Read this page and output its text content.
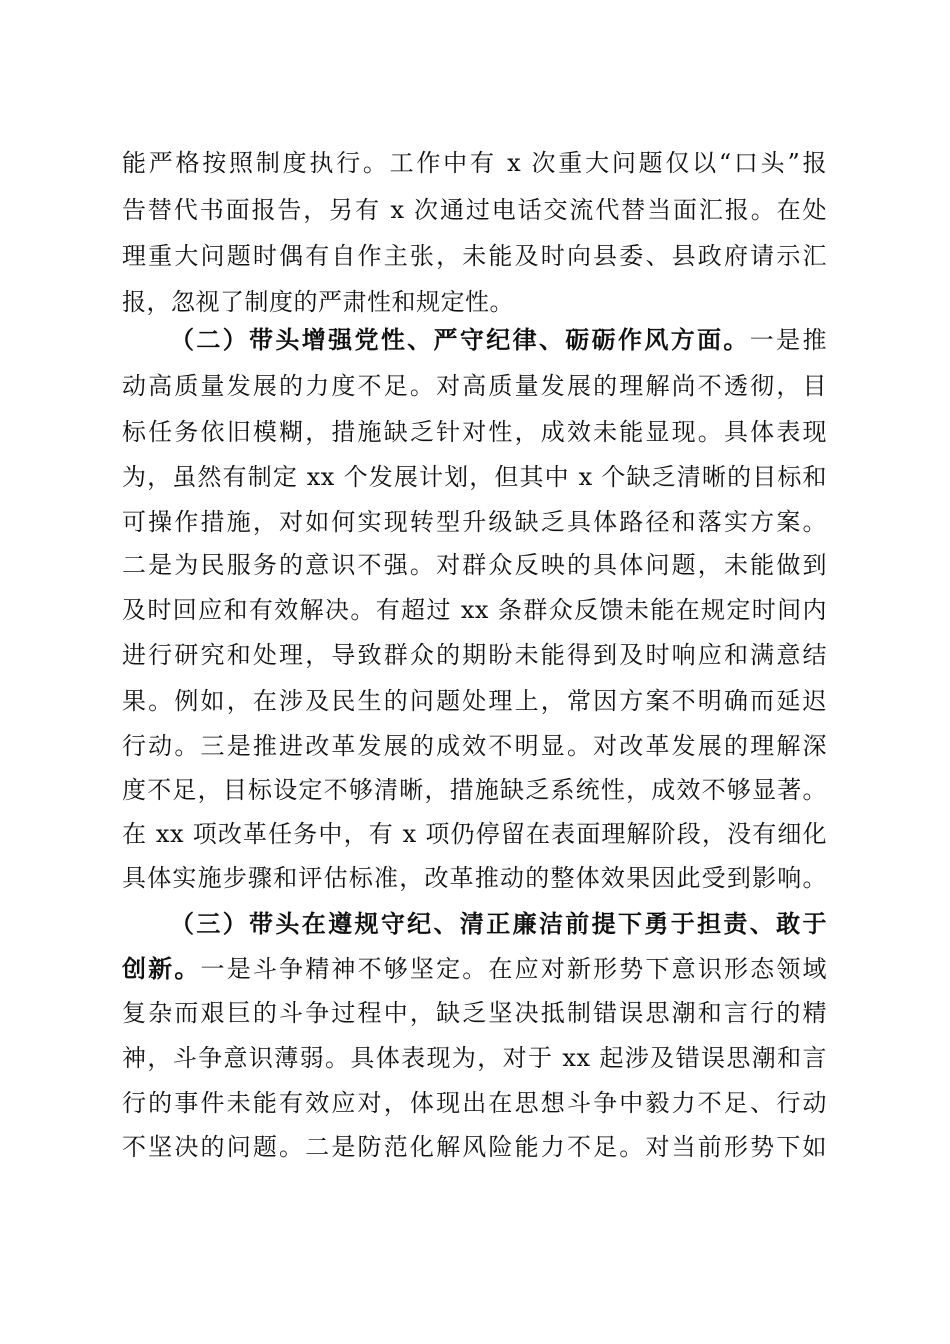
能严格按照制度执行。工作中有 x 次重大问题仅以“口头”报
告替代书面报告，另有 x 次通过电话交流代替当面汇报。在处
理重大问题时偶有自作主张，未能及时向县委、县政府请示汇
报，忽视了制度的严肃性和规定性。
（二）带头增强党性、严守纪律、砺砺作风方面。一是推
动高质量发展的力度不足。对高质量发展的理解尚不透彻，目
标任务依旧模糊，措施缺乏针对性，成效未能显现。具体表现
为，虽然有制定 xx 个发展计划，但其中 x 个缺乏清晰的目标和
可操作措施，对如何实现转型升级缺乏具体路径和落实方案。
二是为民服务的意识不强。对群众反映的具体问题，未能做到
及时回应和有效解决。有超过 xx 条群众反馈未能在规定时间内
进行研究和处理，导致群众的期盼未能得到及时响应和满意结
果。例如，在涉及民生的问题处理上，常因方案不明确而延迟
行动。三是推进改革发展的成效不明显。对改革发展的理解深
度不足，目标设定不够清晰，措施缺乏系统性，成效不够显著。
在 xx 项改革任务中，有 x 项仍停留在表面理解阶段，没有细化
具体实施步骤和评估标准，改革推动的整体效果因此受到影响。
（三）带头在遵规守纪、清正廉洁前提下勇于担责、敢于
创新。一是斗争精神不够坚定。在应对新形势下意识形态领域
复杂而艰巨的斗争过程中，缺乏坚决抵制错误思潮和言行的精
神，斗争意识薄弱。具体表现为，对于 xx 起涉及错误思潮和言
行的事件未能有效应对，体现出在思想斗争中毅力不足、行动
不坚决的问题。二是防范化解风险能力不足。对当前形势下如
